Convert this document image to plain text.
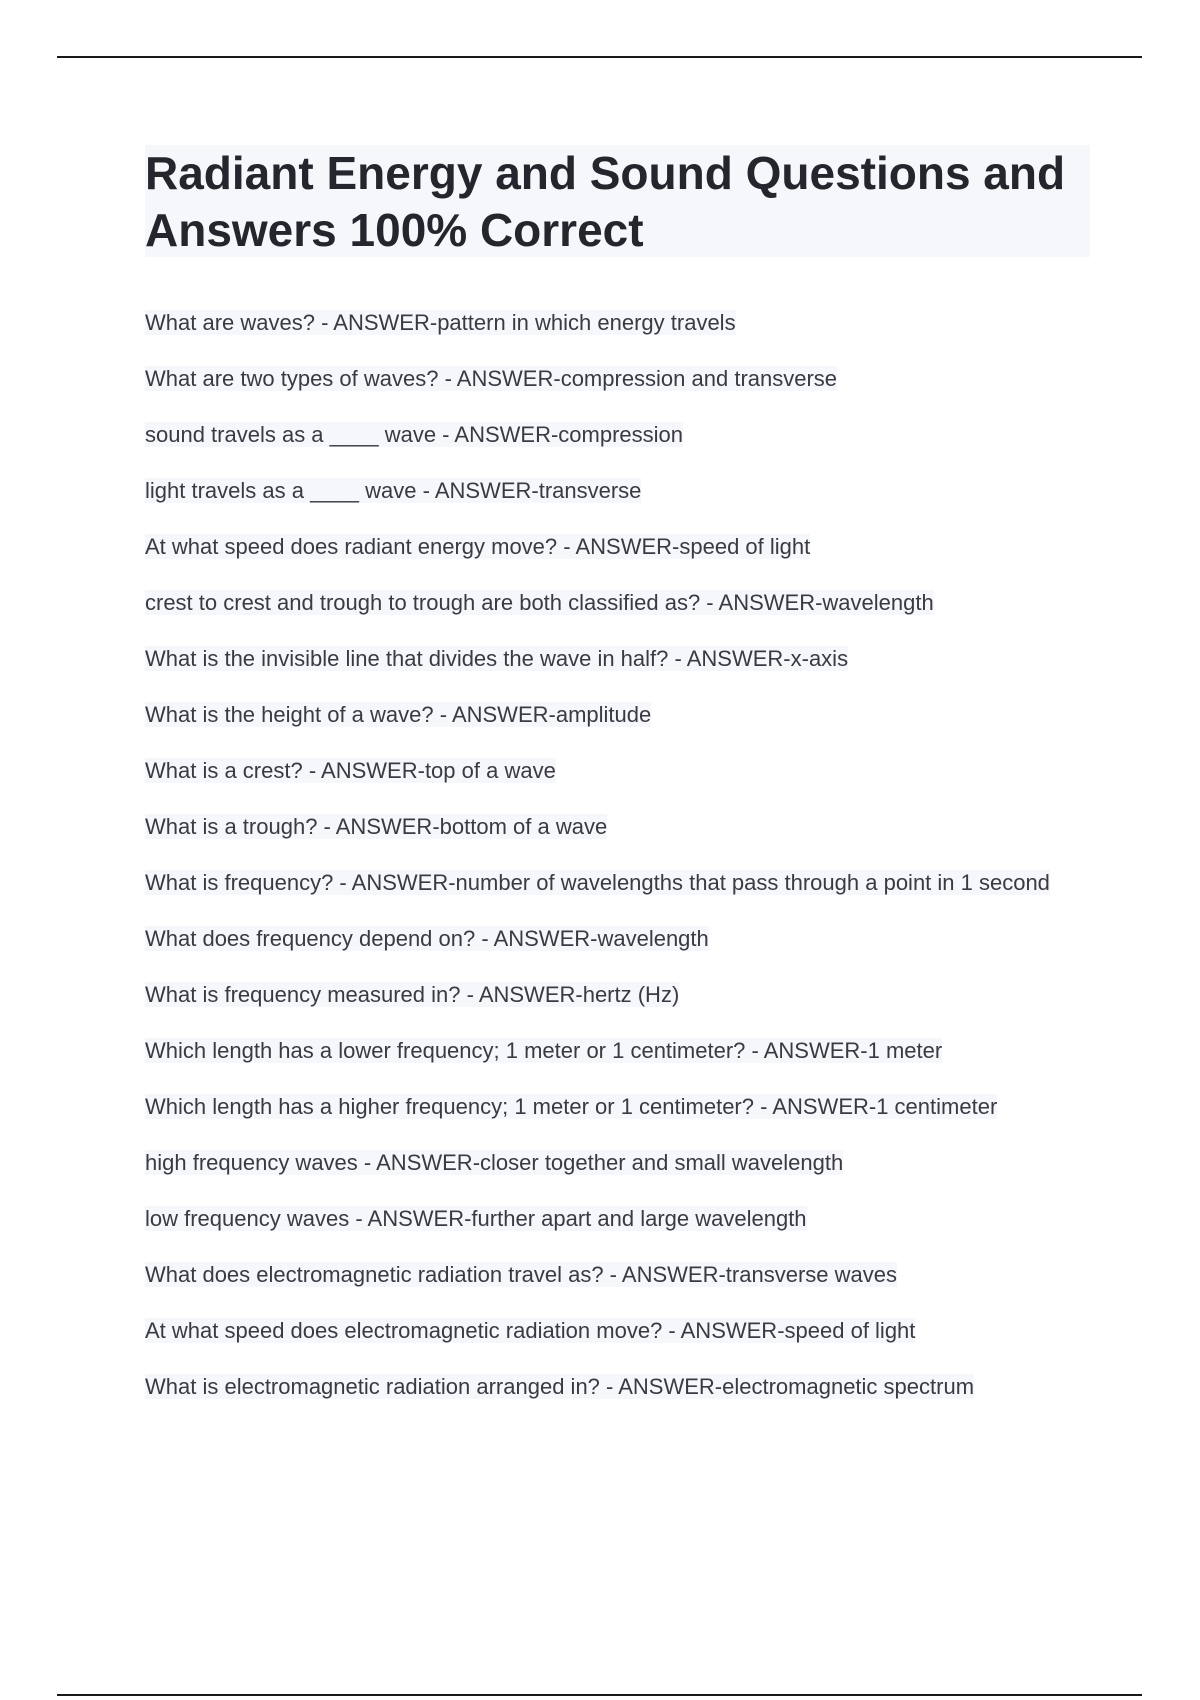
Radiant Energy and Sound Questions and Answers 100% Correct
What are waves? - ANSWER-pattern in which energy travels
What are two types of waves? - ANSWER-compression and transverse
sound travels as a ____ wave - ANSWER-compression
light travels as a ____ wave - ANSWER-transverse
At what speed does radiant energy move? - ANSWER-speed of light
crest to crest and trough to trough are both classified as? - ANSWER-wavelength
What is the invisible line that divides the wave in half? - ANSWER-x-axis
What is the height of a wave? - ANSWER-amplitude
What is a crest? - ANSWER-top of a wave
What is a trough? - ANSWER-bottom of a wave
What is frequency? - ANSWER-number of wavelengths that pass through a point in 1 second
What does frequency depend on? - ANSWER-wavelength
What is frequency measured in? - ANSWER-hertz (Hz)
Which length has a lower frequency; 1 meter or 1 centimeter? - ANSWER-1 meter
Which length has a higher frequency; 1 meter or 1 centimeter? - ANSWER-1 centimeter
high frequency waves - ANSWER-closer together and small wavelength
low frequency waves - ANSWER-further apart and large wavelength
What does electromagnetic radiation travel as? - ANSWER-transverse waves
At what speed does electromagnetic radiation move? - ANSWER-speed of light
What is electromagnetic radiation arranged in? - ANSWER-electromagnetic spectrum
